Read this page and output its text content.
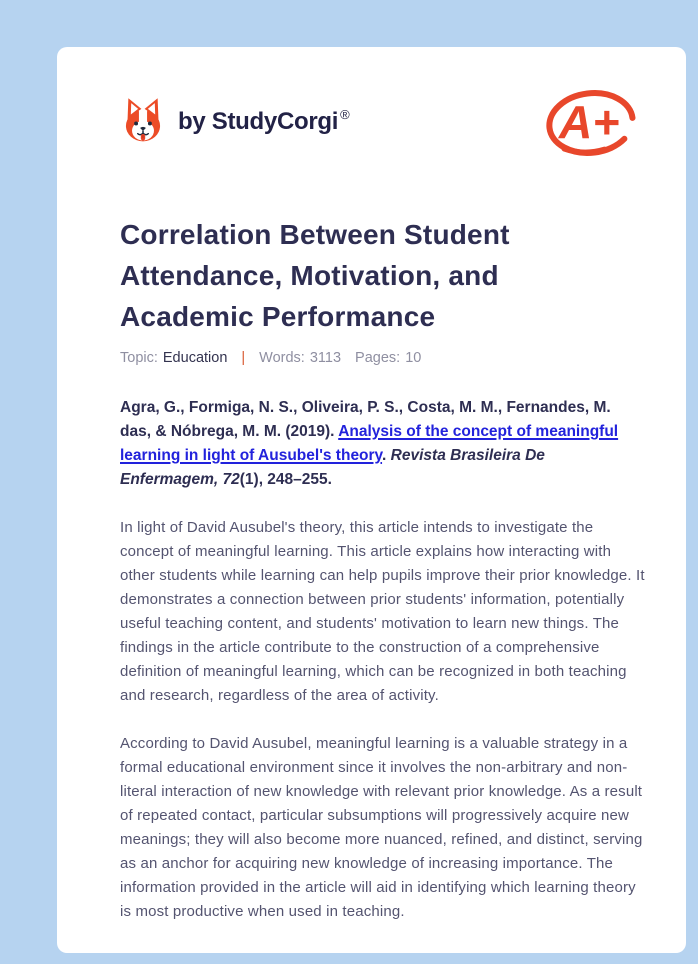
by StudyCorgi ®	A+
Correlation Between Student Attendance, Motivation, and Academic Performance
Topic: Education | Words: 3113 Pages: 10

Agra, G., Formiga, N. S., Oliveira, P. S., Costa, M. M., Fernandes, M. das, & Nóbrega, M. M. (2019). Analysis of the concept of meaningful learning in light of Ausubel's theory. Revista Brasileira De Enfermagem, 72(1), 248–255.

In light of David Ausubel's theory, this article intends to investigate the concept of meaningful learning. This article explains how interacting with other students while learning can help pupils improve their prior knowledge. It demonstrates a connection between prior students' information, potentially useful teaching content, and students' motivation to learn new things. The findings in the article contribute to the construction of a comprehensive definition of meaningful learning, which can be recognized in both teaching and research, regardless of the area of activity.

According to David Ausubel, meaningful learning is a valuable strategy in a formal educational environment since it involves the non-arbitrary and non-literal interaction of new knowledge with relevant prior knowledge. As a result of repeated contact, particular subsumptions will progressively acquire new meanings; they will also become more nuanced, refined, and distinct, serving as an anchor for acquiring new knowledge of increasing importance. The information provided in the article will aid in identifying which learning theory is most productive when used in teaching.
